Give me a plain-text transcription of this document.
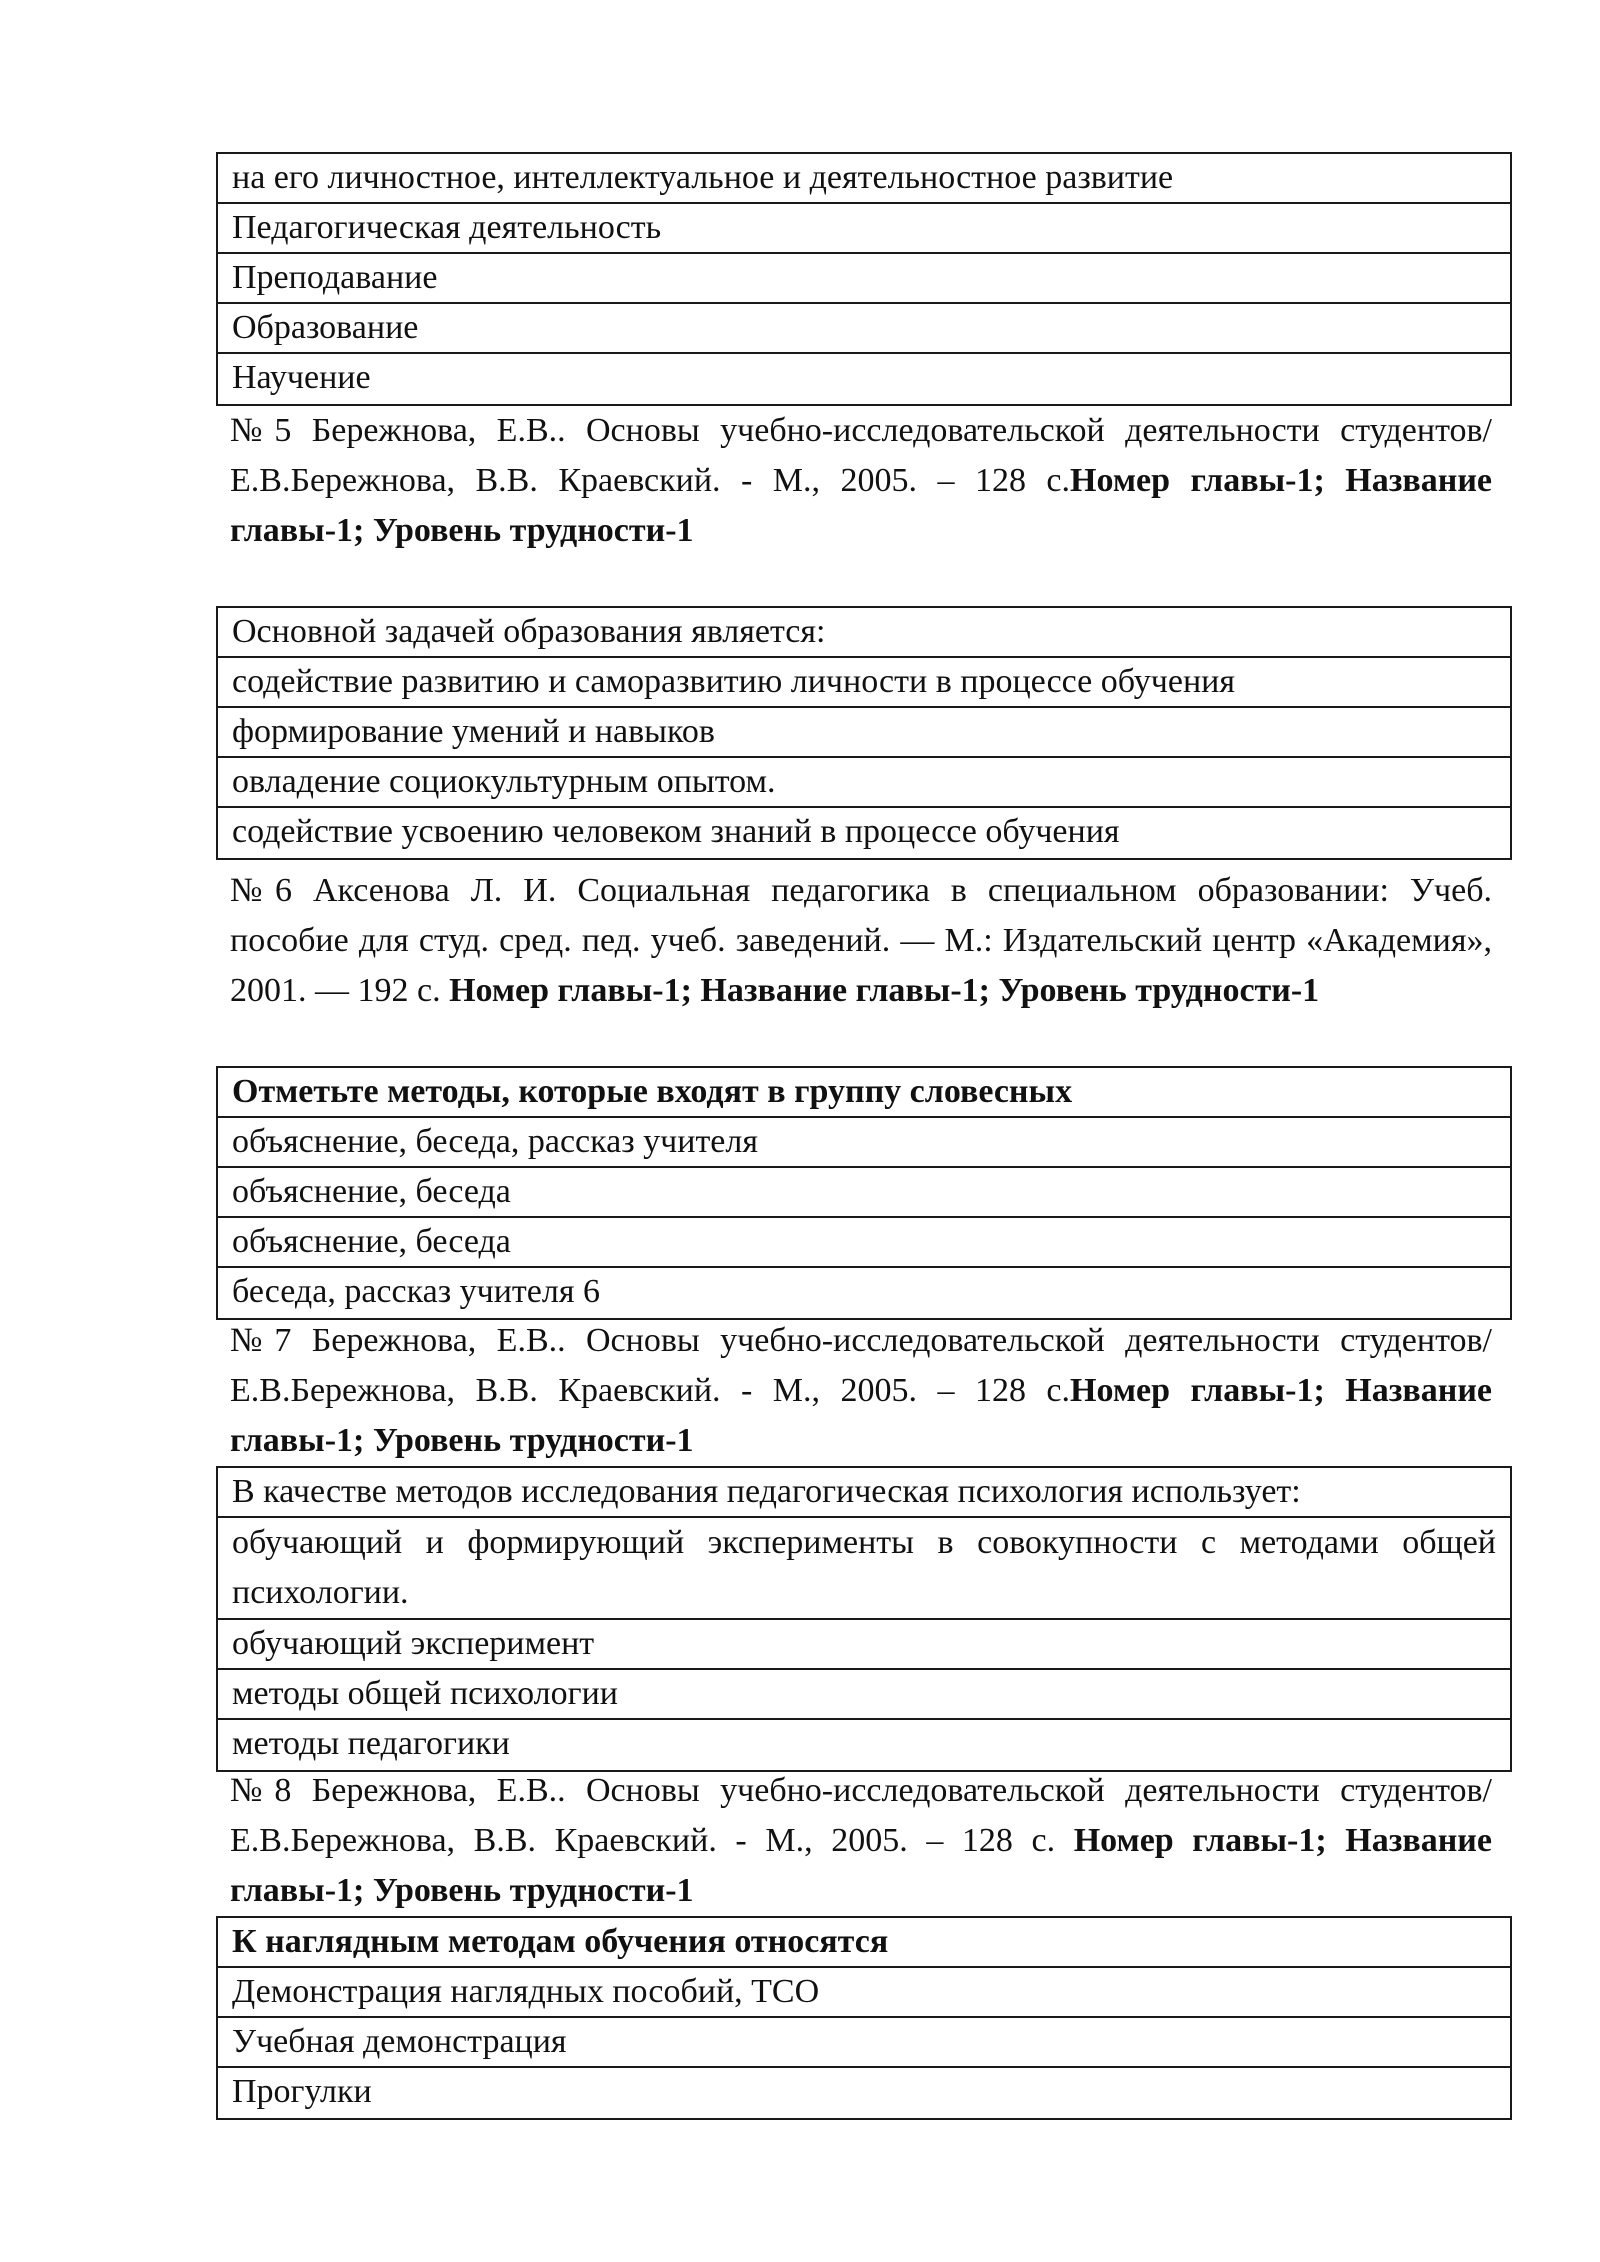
на его личностное, интеллектуальное и деятельностное развитие
Педагогическая деятельность
Преподавание
Образование
Научение
№5 Бережнова, Е.В.. Основы учебно-исследовательской деятельности студентов/ Е.В.Бережнова, В.В. Краевский. - М., 2005. – 128 с.Номер главы-1; Название главы-1; Уровень трудности-1
Основной задачей образования является:
содействие развитию и саморазвитию личности в процессе обучения
формирование умений и навыков
овладение социокультурным опытом.
содействие усвоению человеком знаний в процессе обучения
№6 Аксенова Л. И. Социальная педагогика в специальном образовании: Учеб. пособие для студ. сред. пед. учеб. заведений. — М.: Издательский центр «Академия», 2001. — 192 с. Номер главы-1; Название главы-1; Уровень трудности-1
Отметьте методы, которые входят в группу словесных
объяснение, беседа, рассказ учителя
объяснение, беседа
объяснение, беседа
беседа, рассказ учителя 6
№7 Бережнова, Е.В.. Основы учебно-исследовательской деятельности студентов/ Е.В.Бережнова, В.В. Краевский. - М., 2005. – 128 с.Номер главы-1; Название главы-1; Уровень трудности-1
В качестве методов исследования педагогическая психология использует:
обучающий и формирующий эксперименты в совокупности с методами общей психологии.
обучающий эксперимент
методы общей психологии
методы педагогики
№8 Бережнова, Е.В.. Основы учебно-исследовательской деятельности студентов/ Е.В.Бережнова, В.В. Краевский. - М., 2005. – 128 с. Номер главы-1; Название главы-1; Уровень трудности-1
К наглядным методам обучения относятся
Демонстрация наглядных пособий, ТСО
Учебная демонстрация
Прогулки
